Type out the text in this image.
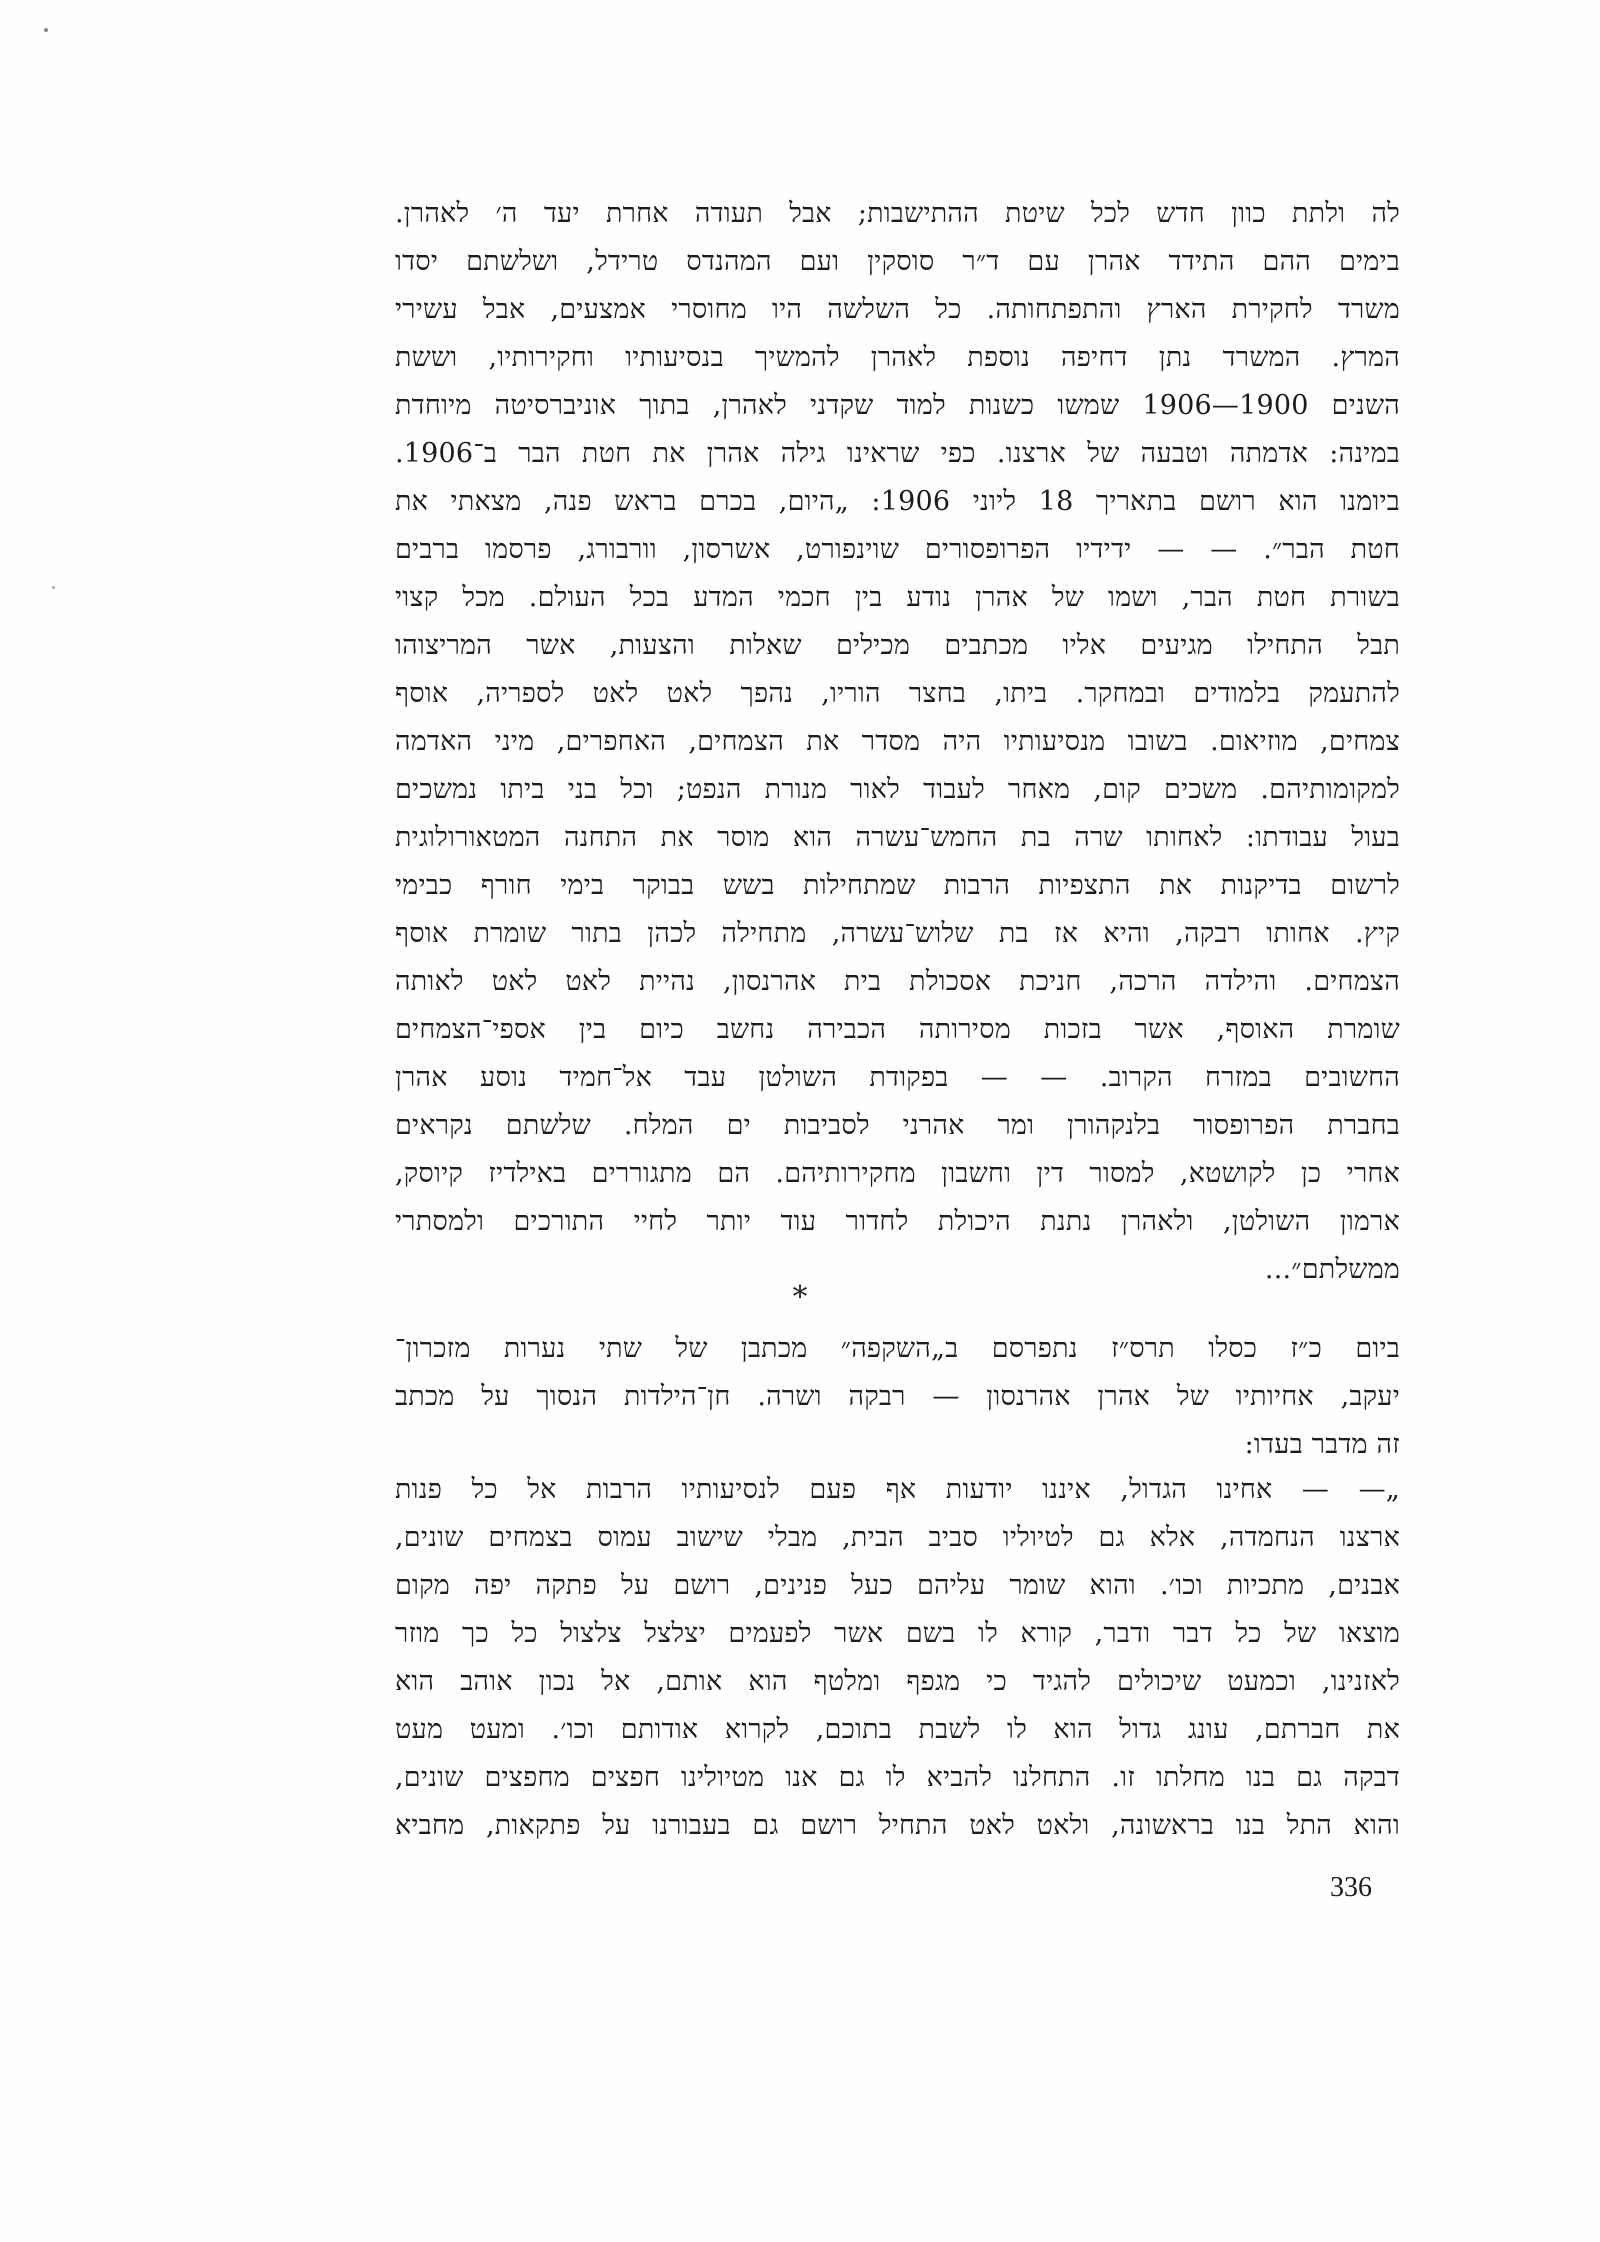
לה ולתת כוון חדש לכל שיטת ההתישבות; אבל תעודה אחרת יעד ה׳ לאהרן.
בימים ההם התידד אהרן עם ד״ר סוסקין ועם המהנדס טרידל, ושלשתם יסדו
משרד לחקירת הארץ והתפתחותה. כל השלשה היו מחוסרי אמצעים, אבל עשירי
המרץ. המשרד נתן דחיפה נוספת לאהרן להמשיך בנסיעותיו וחקירותיו, וששת
השנים 1900—1906 שמשו כשנות למוד שקדני לאהרן, בתוך אוניברסיטה מיוחדת
במינה: אדמתה וטבעה של ארצנו. כפי שראינו גילה אהרן את חטת הבר ב־1906.
ביומנו הוא רושם בתאריך 18 ליוני 1906: „היום, בכרם בראש פנה, מצאתי את
חטת הבר״. — — ידידיו הפרופסורים שוינפורט, אשרסון, וורבורג, פרסמו ברבים
בשורת חטת הבר, ושמו של אהרן נודע בין חכמי המדע בכל העולם. מכל קצוי
תבל התחילו מגיעים אליו מכתבים מכילים שאלות והצעות, אשר המריצוהו
להתעמק בלמודים ובמחקר. ביתו, בחצר הוריו, נהפך לאט לאט לספריה, אוסף
צמחים, מוזיאום. בשובו מנסיעותיו היה מסדר את הצמחים, האחפרים, מיני האדמה
למקומותיהם. משכים קום, מאחר לעבוד לאור מנורת הנפט; וכל בני ביתו נמשכים
בעול עבודתו: לאחותו שרה בת החמש־עשרה הוא מוסר את התחנה המטאורולוגית
לרשום בדיקנות את התצפיות הרבות שמתחילות בשש בבוקר בימי חורף כבימי
קיץ. אחותו רבקה, והיא אז בת שלוש־עשרה, מתחילה לכהן בתור שומרת אוסף
הצמחים. והילדה הרכה, חניכת אסכולת בית אהרנסון, נהיית לאט לאט לאותה
שומרת האוסף, אשר בזכות מסירותה הכבירה נחשב כיום בין אספי־הצמחים
החשובים במזרח הקרוב. — — בפקודת השולטן עבד אל־חמיד נוסע אהרן
בחברת הפרופסור בלנקהורן ומר אהרני לסביבות ים המלח. שלשתם נקראים
אחרי כן לקושטא, למסור דין וחשבון מחקירותיהם. הם מתגוררים באילדיז קיוסק,
ארמון השולטן, ולאהרן נתנת היכולת לחדור עוד יותר לחיי התורכים ולמסתרי
ממשלתם״...
*
ביום כ״ז כסלו תרס״ז נתפרסם ב„השקפה״ מכתבן של שתי נערות מזכרון־
יעקב, אחיותיו של אהרן אהרנסון — רבקה ושרה. חן־הילדות הנסוך על מכתב
זה מדבר בעדו:
„— — אחינו הגדול, איננו יודעות אף פעם לנסיעותיו הרבות אל כל פנות
ארצנו הנחמדה, אלא גם לטיוליו סביב הבית, מבלי שישוב עמוס בצמחים שונים,
אבנים, מתכיות וכו׳. והוא שומר עליהם כעל פנינים, רושם על פתקה יפה מקום
מוצאו של כל דבר ודבר, קורא לו בשם אשר לפעמים יצלצל צלצול כל כך מוזר
לאזנינו, וכמעט שיכולים להגיד כי מגפף ומלטף הוא אותם, אל נכון אוהב הוא
את חברתם, עונג גדול הוא לו לשבת בתוכם, לקרוא אודותם וכו׳. ומעט מעט
דבקה גם בנו מחלתו זו. התחלנו להביא לו גם אנו מטיולינו חפצים מחפצים שונים,
והוא התל בנו בראשונה, ולאט לאט התחיל רושם גם בעבורנו על פתקאות, מחביא
336
